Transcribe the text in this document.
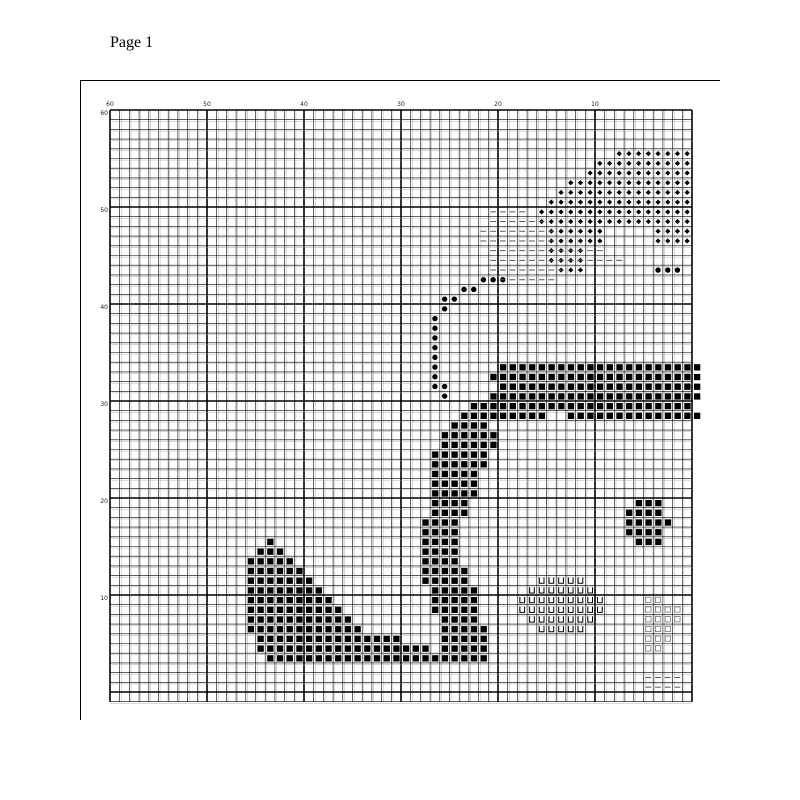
Page 1
60	50	40	30	20	10
60
50
40
30
20
10
